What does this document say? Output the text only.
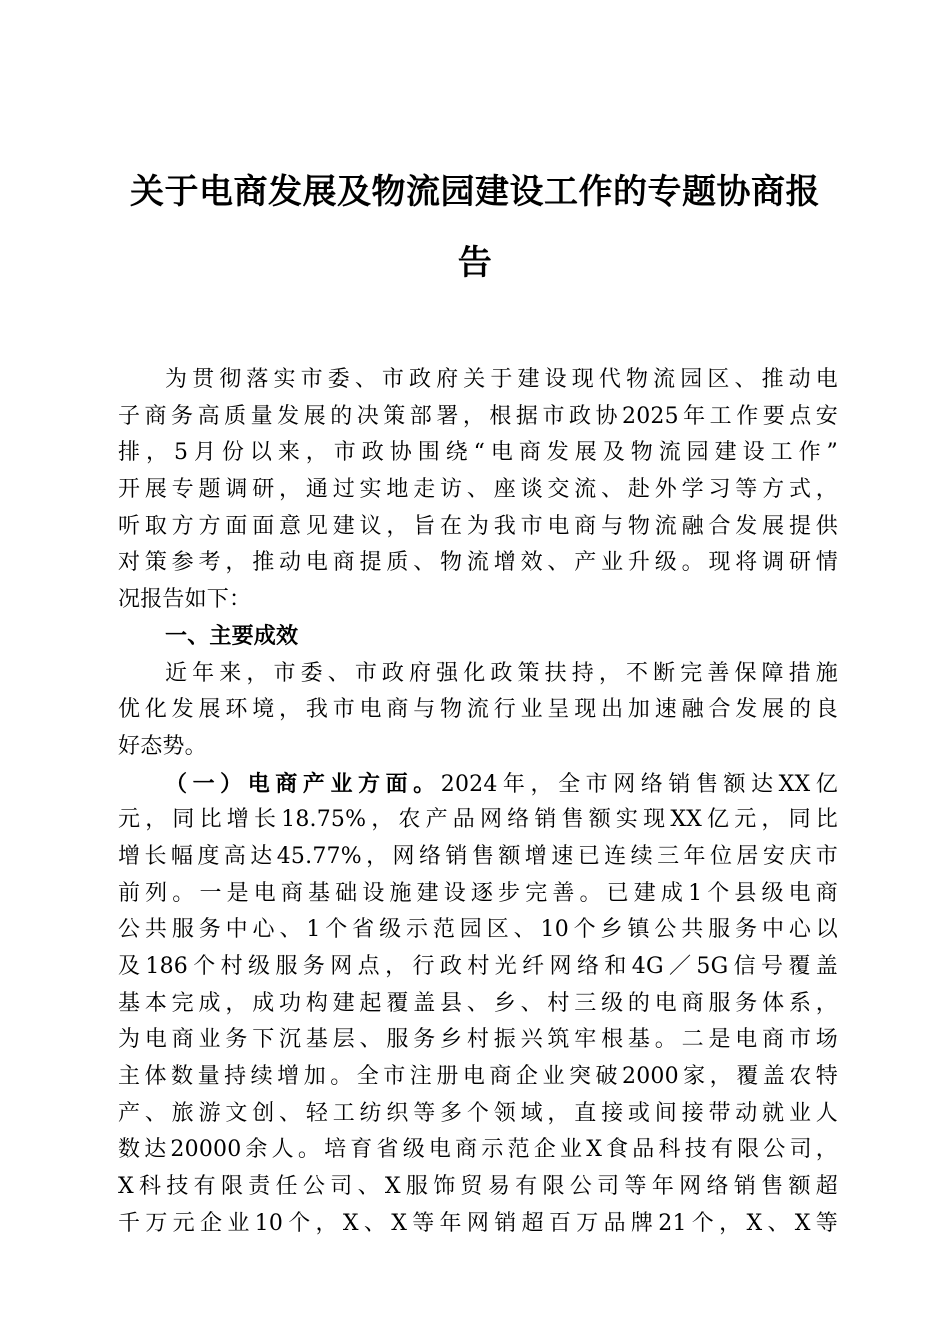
关于电商发展及物流园建设工作的专题协商报
告
为贯彻落实市委、市政府关于建设现代物流园区、推动电
子商务高质量发展的决策部署，根据市政协2025年工作要点安
排，5月份以来，市政协围绕“电商发展及物流园建设工作”
开展专题调研，通过实地走访、座谈交流、赴外学习等方式，
听取方方面面意见建议，旨在为我市电商与物流融合发展提供
对策参考，推动电商提质、物流增效、产业升级。现将调研情
况报告如下：
一、主要成效
近年来，市委、市政府强化政策扶持，不断完善保障措施
优化发展环境，我市电商与物流行业呈现出加速融合发展的良
好态势。
（一）电商产业方面。2024年，全市网络销售额达XX亿
元，同比增长18.75%，农产品网络销售额实现XX亿元，同比
增长幅度高达45.77%，网络销售额增速已连续三年位居安庆市
前列。一是电商基础设施建设逐步完善。已建成1个县级电商
公共服务中心、1个省级示范园区、10个乡镇公共服务中心以
及186个村级服务网点，行政村光纤网络和4G／5G信号覆盖
基本完成，成功构建起覆盖县、乡、村三级的电商服务体系，
为电商业务下沉基层、服务乡村振兴筑牢根基。二是电商市场
主体数量持续增加。全市注册电商企业突破2000家，覆盖农特
产、旅游文创、轻工纺织等多个领域，直接或间接带动就业人
数达20000余人。培育省级电商示范企业X食品科技有限公司，
X科技有限责任公司、X服饰贸易有限公司等年网络销售额超
千万元企业10个，X、X等年网销超百万品牌21个，X、X等
